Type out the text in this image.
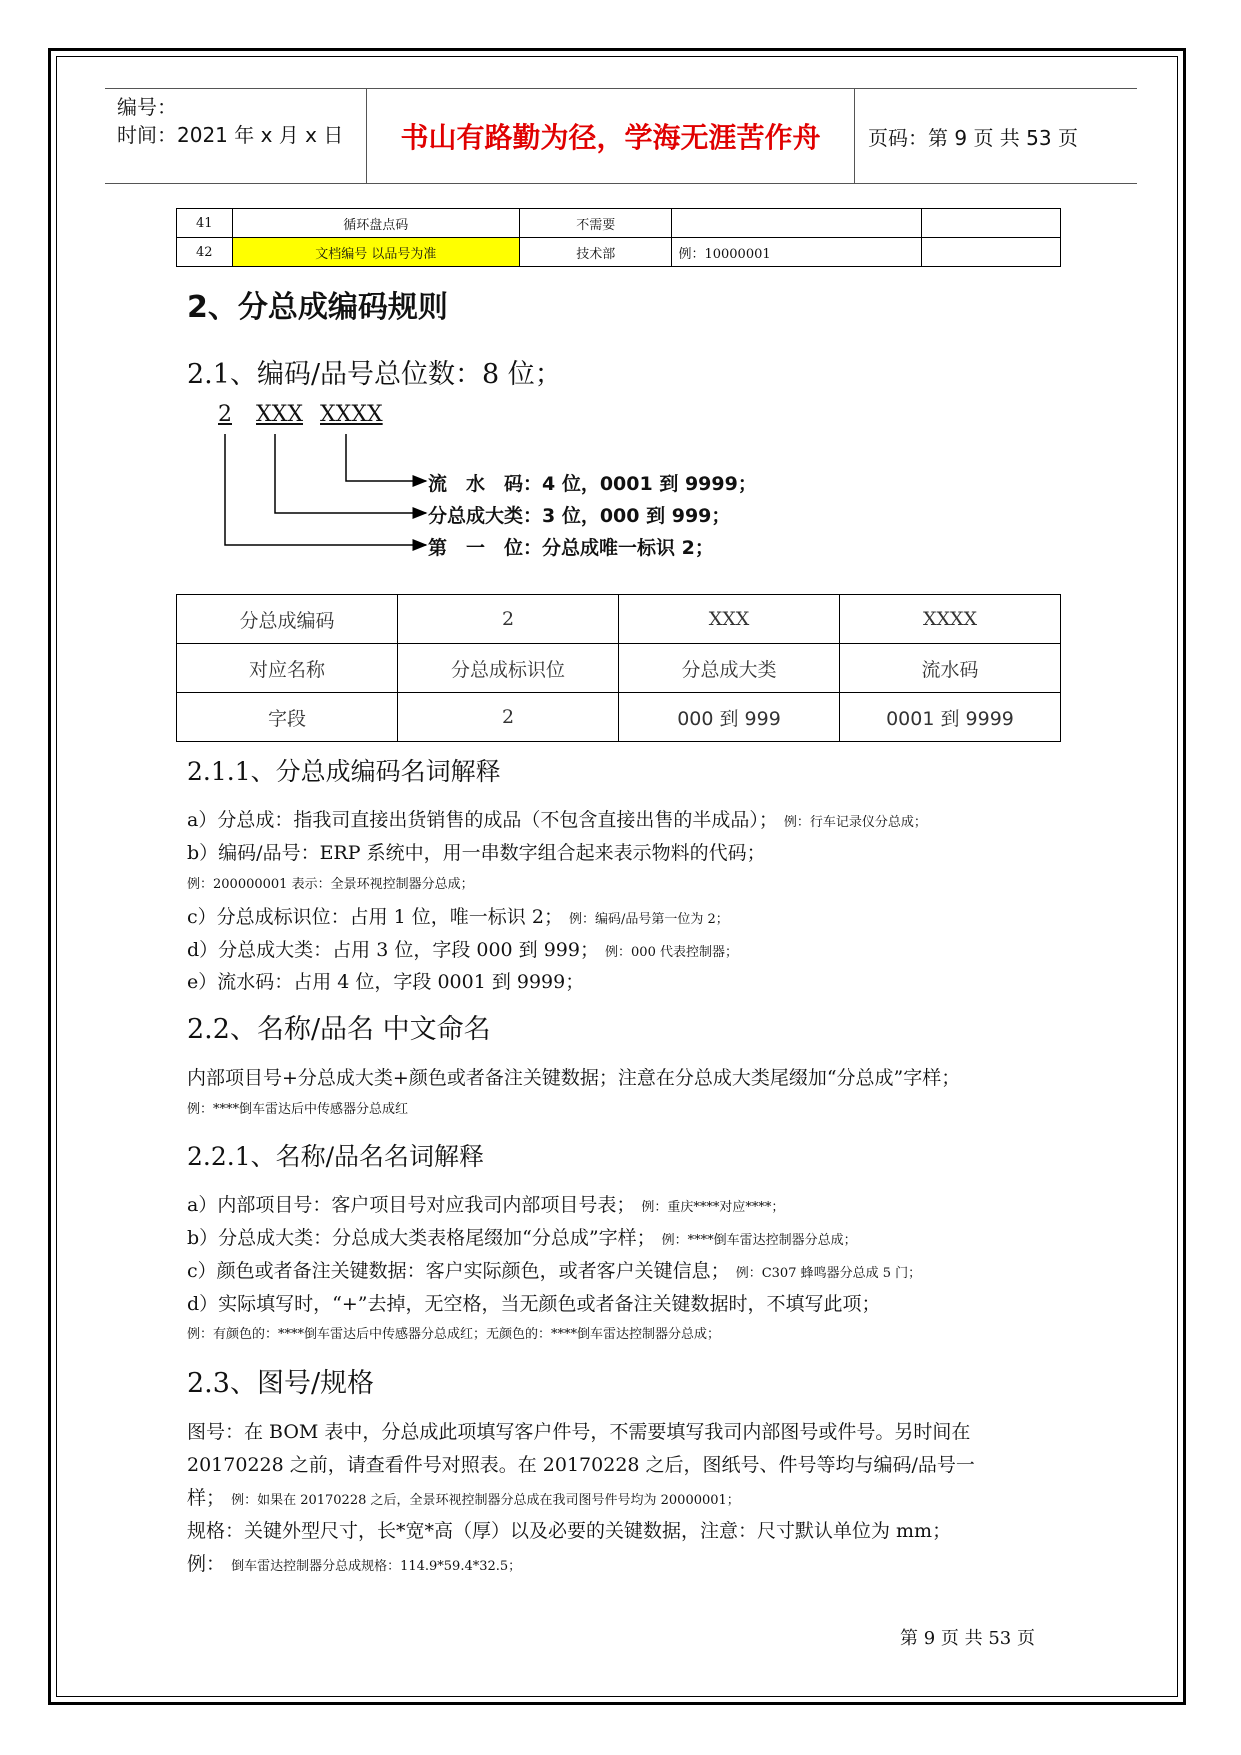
编号：
时间：2021 年 x 月 x 日	书山有路勤为径，学海无涯苦作舟	页码：第 9 页 共 53 页
41	循环盘点码	不需要		
42	文档编号 以品号为准	技术部	例：10000001	
2、分总成编码规则
2.1、编码/品号总位数：8 位；
2 XXX XXXX
流　水　码：4 位，0001 到 9999；
分总成大类：3 位，000 到 999；
第　一　位：分总成唯一标识 2；
分总成编码	2	XXX	XXXX
对应名称	分总成标识位	分总成大类	流水码
字段	2	000 到 999	0001 到 9999
2.1.1、分总成编码名词解释
a）分总成：指我司直接出货销售的成品（不包含直接出售的半成品）； 例：行车记录仪分总成；
b）编码/品号：ERP 系统中，用一串数字组合起来表示物料的代码；
例：200000001 表示：全景环视控制器分总成；
c）分总成标识位：占用 1 位，唯一标识 2； 例：编码/品号第一位为 2；
d）分总成大类：占用 3 位，字段 000 到 999； 例：000 代表控制器；
e）流水码：占用 4 位，字段 0001 到 9999；
2.2、名称/品名 中文命名
内部项目号+分总成大类+颜色或者备注关键数据；注意在分总成大类尾缀加“分总成”字样；
例：****倒车雷达后中传感器分总成红
2.2.1、名称/品名名词解释
a）内部项目号：客户项目号对应我司内部项目号表； 例：重庆****对应****；
b）分总成大类：分总成大类表格尾缀加“分总成”字样； 例：****倒车雷达控制器分总成；
c）颜色或者备注关键数据：客户实际颜色，或者客户关键信息； 例：C307 蜂鸣器分总成 5 门；
d）实际填写时，“+”去掉，无空格，当无颜色或者备注关键数据时，不填写此项；
例：有颜色的：****倒车雷达后中传感器分总成红；无颜色的：****倒车雷达控制器分总成；
2.3、图号/规格
图号：在 BOM 表中，分总成此项填写客户件号，不需要填写我司内部图号或件号。另时间在
20170228 之前，请查看件号对照表。在 20170228 之后，图纸号、件号等均与编码/品号一
样； 例：如果在 20170228 之后，全景环视控制器分总成在我司图号件号均为 20000001；
规格：关键外型尺寸，长*宽*高（厚）以及必要的关键数据，注意：尺寸默认单位为 mm；
例： 倒车雷达控制器分总成规格：114.9*59.4*32.5；
第 9 页 共 53 页
